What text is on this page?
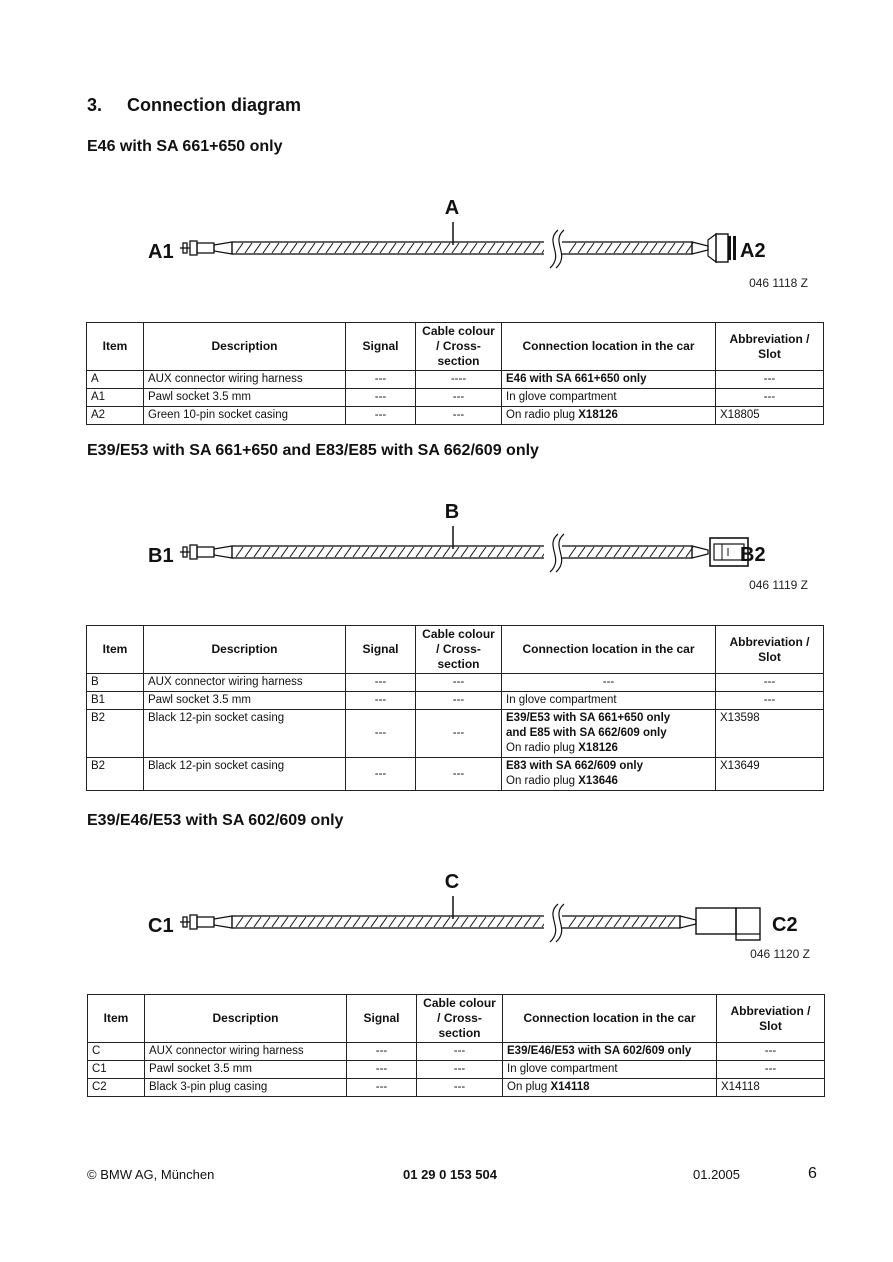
3. Connection diagram
E46 with SA 661+650 only
A
A1	A2
046 1118 Z
Item	Description	Signal	Cable colour / Cross-section	Connection location in the car	Abbreviation / Slot
A	AUX connector wiring harness	---	----	E46 with SA 661+650 only	---
A1	Pawl socket 3.5 mm	---	---	In glove compartment	---
A2	Green 10-pin socket casing	---	---	On radio plug X18126	X18805
E39/E53 with SA 661+650 and E83/E85 with SA 662/609 only
B
B1	B2
046 1119 Z
Item	Description	Signal	Cable colour / Cross-section	Connection location in the car	Abbreviation / Slot
B	AUX connector wiring harness	---	---	---	---
B1	Pawl socket 3.5 mm	---	---	In glove compartment	---
B2	Black 12-pin socket casing	---	---	E39/E53 with SA 661+650 only
and E85 with SA 662/609 only
On radio plug X18126	X13598
B2	Black 12-pin socket casing	---	---	E83 with SA 662/609 only
On radio plug X13646	X13649
E39/E46/E53 with SA 602/609 only
C
C1	C2
046 1120 Z
Item	Description	Signal	Cable colour / Cross-section	Connection location in the car	Abbreviation / Slot
C	AUX connector wiring harness	---	---	E39/E46/E53 with SA 602/609 only	---
C1	Pawl socket 3.5 mm	---	---	In glove compartment	---
C2	Black 3-pin plug casing	---	---	On plug X14118	X14118
© BMW AG, München	01 29 0 153 504	01.2005	6
